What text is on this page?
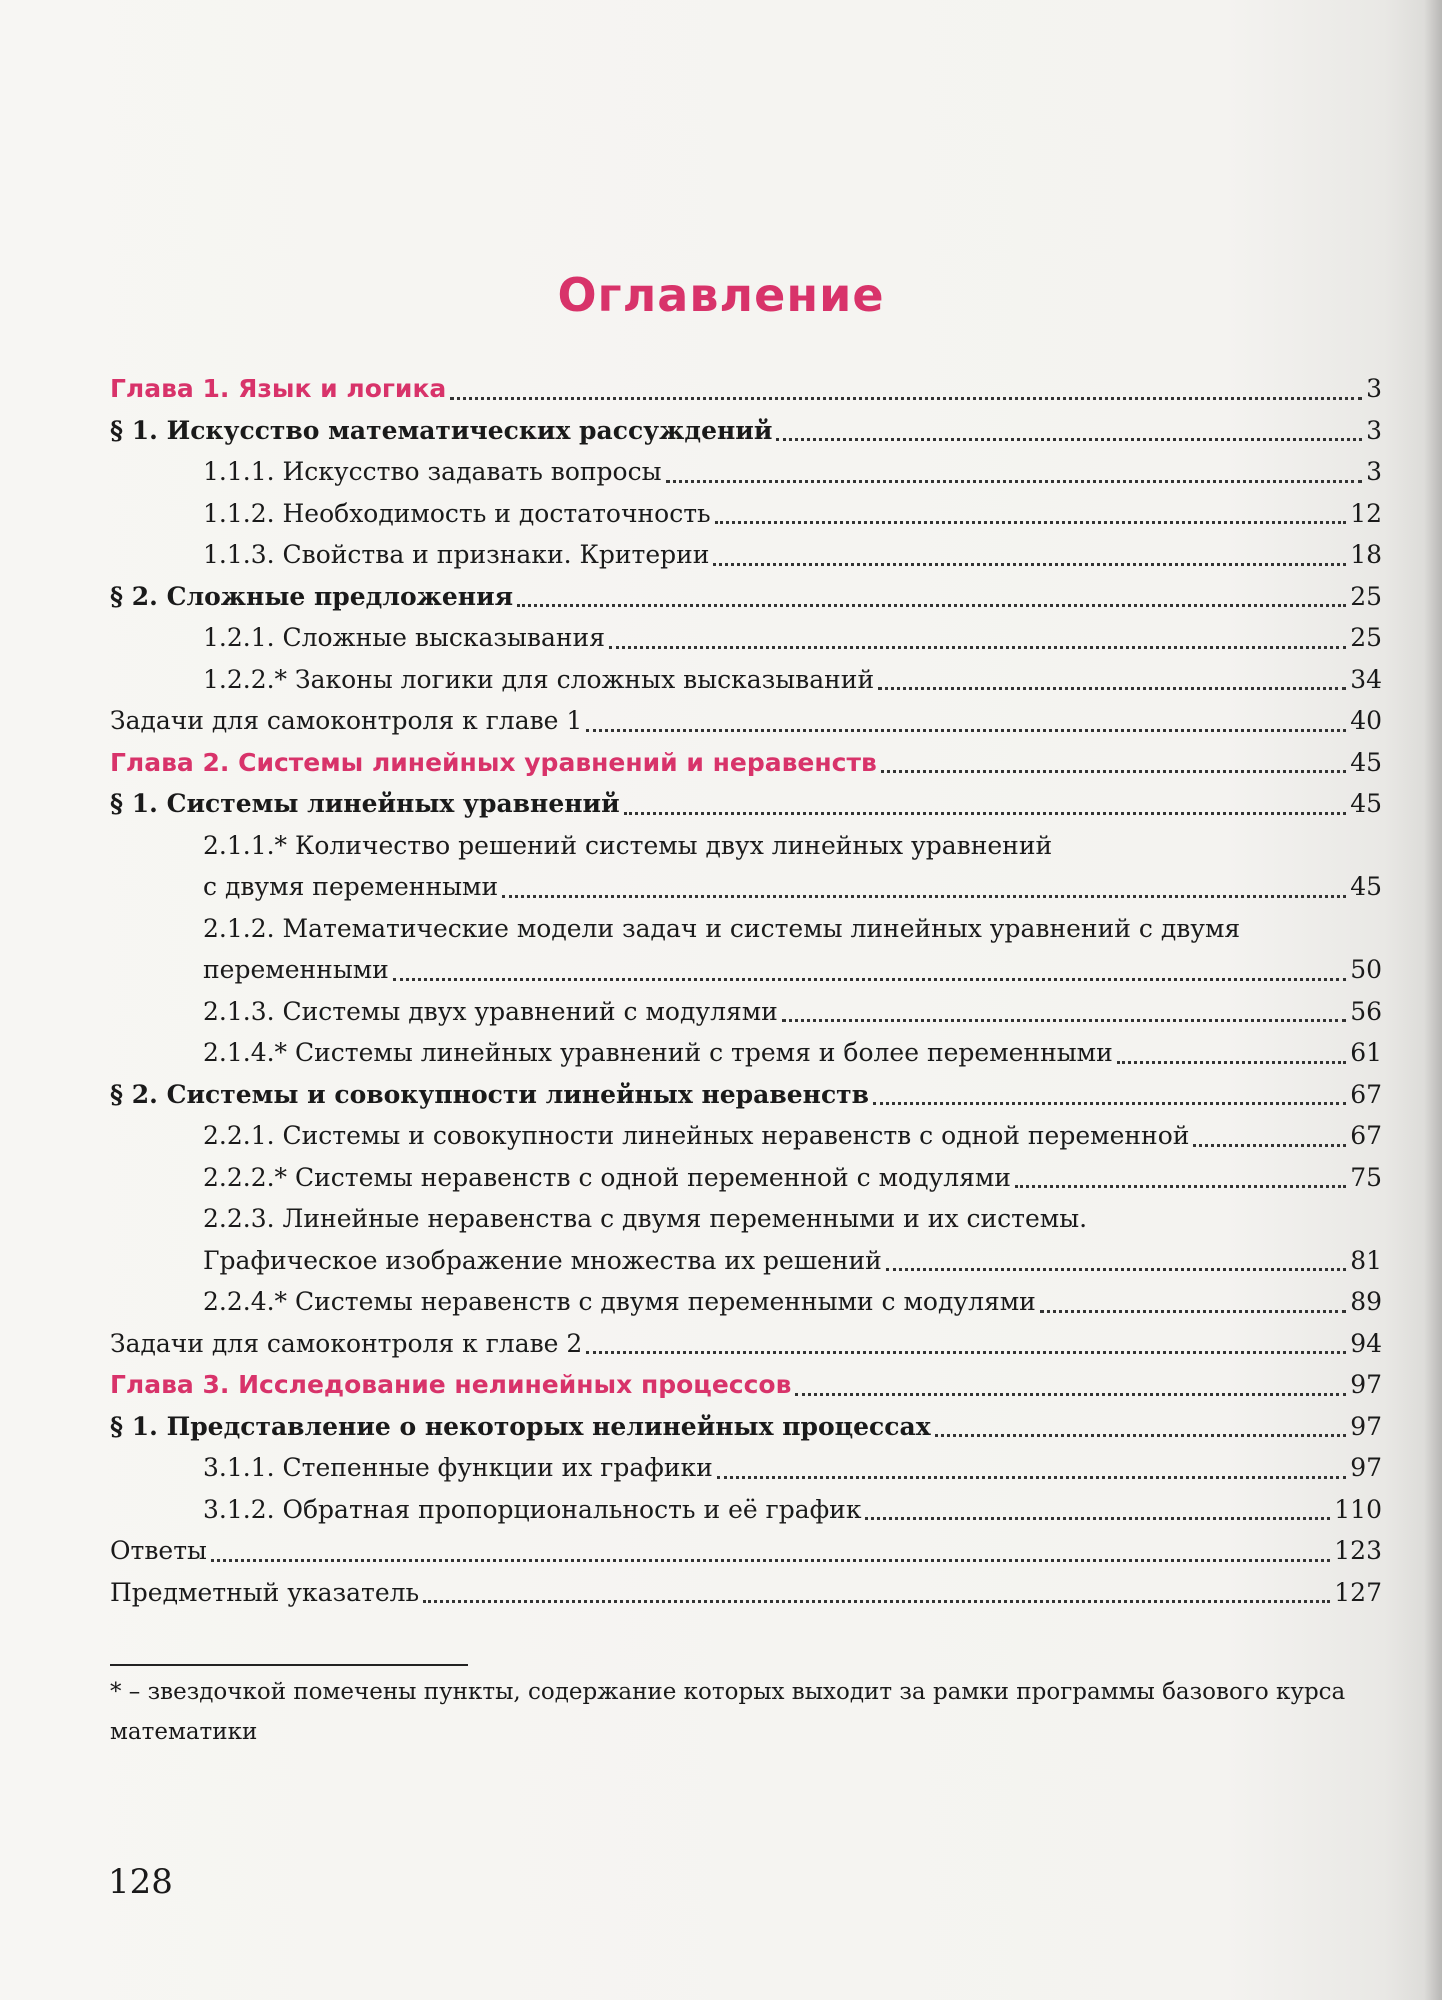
Оглавление
Глава 1. Язык и логика	3
§ 1. Искусство математических рассуждений	3
1.1.1. Искусство задавать вопросы	3
1.1.2. Необходимость и достаточность	12
1.1.3. Свойства и признаки. Критерии	18
§ 2. Сложные предложения	25
1.2.1. Сложные высказывания	25
1.2.2.* Законы логики для сложных высказываний	34
Задачи для самоконтроля к главе 1	40
Глава 2. Системы линейных уравнений и неравенств	45
§ 1. Системы линейных уравнений	45
2.1.1.* Количество решений системы двух линейных уравнений
с двумя переменными	45
2.1.2. Математические модели задач и системы линейных уравнений с двумя
переменными	50
2.1.3. Системы двух уравнений с модулями	56
2.1.4.* Системы линейных уравнений с тремя и более переменными	61
§ 2. Системы и совокупности линейных неравенств	67
2.2.1. Системы и совокупности линейных неравенств с одной переменной	67
2.2.2.* Системы неравенств с одной переменной с модулями	75
2.2.3. Линейные неравенства с двумя переменными и их системы.
Графическое изображение множества их решений	81
2.2.4.* Системы неравенств с двумя переменными с модулями	89
Задачи для самоконтроля к главе 2	94
Глава 3. Исследование нелинейных процессов	97
§ 1. Представление о некоторых нелинейных процессах	97
3.1.1. Степенные функции их графики	97
3.1.2. Обратная пропорциональность и её график	110
Ответы	123
Предметный указатель	127
* – звездочкой помечены пункты, содержание которых выходит за рамки программы базового курса математики
128
